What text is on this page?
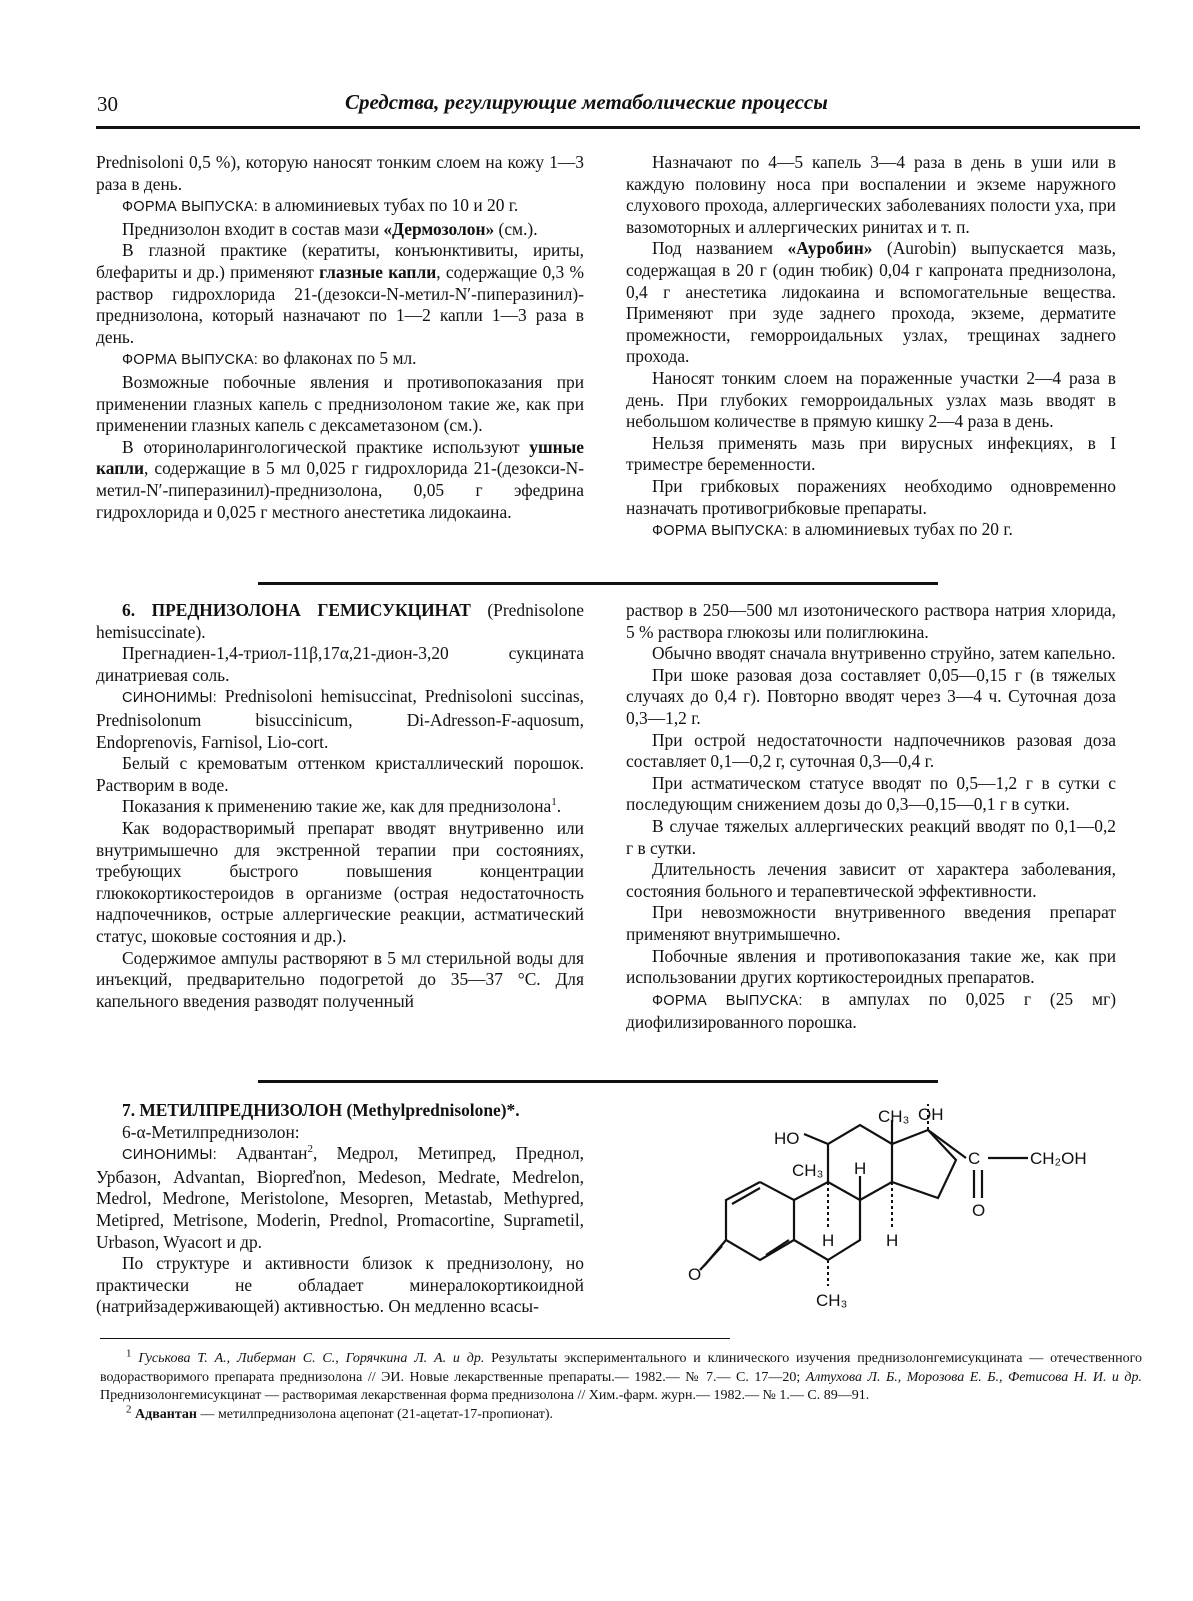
30	Средства, регулирующие метаболические процессы

Prednisoloni 0,5 %), которую наносят тонким слоем на кожу 1—3 раза в день.

ФОРМА ВЫПУСКА: в алюминиевых тубах по 10 и 20 г.

Преднизолон входит в состав мази «Дермозолон» (см.).

В глазной практике (кератиты, конъюнктивиты, ириты, блефариты и др.) применяют глазные капли, содержащие 0,3 % раствор гидрохлорида 21-(дезокси-N-метил-N′-пиперазинил)-преднизолона, который назначают по 1—2 капли 1—3 раза в день.

ФОРМА ВЫПУСКА: во флаконах по 5 мл.

Возможные побочные явления и противопоказания при применении глазных капель с преднизолоном такие же, как при применении глазных капель с дексаметазоном (см.).

В оториноларингологической практике используют ушные капли, содержащие в 5 мл 0,025 г гидрохлорида 21-(дезокси-N-метил-N′-пиперазинил)-преднизолона, 0,05 г эфедрина гидрохлорида и 0,025 г местного анестетика лидокаина.

Назначают по 4—5 капель 3—4 раза в день в уши или в каждую половину носа при воспалении и экземе наружного слухового прохода, аллергических заболеваниях полости уха, при вазомоторных и аллергических ринитах и т. п.

Под названием «Ауробин» (Aurobin) выпускается мазь, содержащая в 20 г (один тюбик) 0,04 г капроната преднизолона, 0,4 г анестетика лидокаина и вспомогательные вещества. Применяют при зуде заднего прохода, экземе, дерматите промежности, геморроидальных узлах, трещинах заднего прохода.

Наносят тонким слоем на пораженные участки 2—4 раза в день. При глубоких геморроидальных узлах мазь вводят в небольшом количестве в прямую кишку 2—4 раза в день.

Нельзя применять мазь при вирусных инфекциях, в I триместре беременности.

При грибковых поражениях необходимо одновременно назначать противогрибковые препараты.

ФОРМА ВЫПУСКА: в алюминиевых тубах по 20 г.

6. ПРЕДНИЗОЛОНА ГЕМИСУКЦИНАТ (Prednisolone hemisuccinate).

Прегнадиен-1,4-триол-11β,17α,21-дион-3,20 сукцината динатриевая соль.

СИНОНИМЫ: Prednisoloni hemisuccinat, Prednisoloni succinas, Prednisolonum bisuccinicum, Di-Adresson-F-aquosum, Endoprenovis, Farnisol, Lio-cort.

Белый с кремоватым оттенком кристаллический порошок. Растворим в воде.

Показания к применению такие же, как для преднизолона$^1$.

Как водорастворимый препарат вводят внутривенно или внутримышечно для экстренной терапии при состояниях, требующих быстрого повышения концентрации глюкокортикостероидов в организме (острая недостаточность надпочечников, острые аллергические реакции, астматический статус, шоковые состояния и др.).

Содержимое ампулы растворяют в 5 мл стерильной воды для инъекций, предварительно подогретой до 35—37 °С. Для капельного введения разводят полученный

раствор в 250—500 мл изотонического раствора натрия хлорида, 5 % раствора глюкозы или полиглюкина.

Обычно вводят сначала внутривенно струйно, затем капельно.

При шоке разовая доза составляет 0,05—0,15 г (в тяжелых случаях до 0,4 г). Повторно вводят через 3—4 ч. Суточная доза 0,3—1,2 г.

При острой недостаточности надпочечников разовая доза составляет 0,1—0,2 г, суточная 0,3—0,4 г.

При астматическом статусе вводят по 0,5—1,2 г в сутки с последующим снижением дозы до 0,3—0,15—0,1 г в сутки.

В случае тяжелых аллергических реакций вводят по 0,1—0,2 г в сутки.

Длительность лечения зависит от характера заболевания, состояния больного и терапевтической эффективности.

При невозможности внутривенного введения препарат применяют внутримышечно.

Побочные явления и противопоказания такие же, как при использовании других кортикостероидных препаратов.

ФОРМА ВЫПУСКА: в ампулах по 0,025 г (25 мг) диофилизированного порошка.

7. МЕТИЛПРЕДНИЗОЛОН (Methylprednisolone)*.

6-α-Метилпреднизолон:

СИНОНИМЫ: Адвантан$^2$, Медрол, Метипред, Преднол, Урбазон, Advantan, Biopreďnon, Medeson, Medrate, Medrelon, Medrol, Medrone, Meristolone, Mesopren, Metastab, Methypred, Metipred, Metrisone, Moderin, Prednol, Promacortine, Suprametil, Urbason, Wyacort и др.

По структуре и активности близок к преднизолону, но практически не обладает минералокортикоидной (натрийзадерживающей) активностью. Он медленно всасы-

CH₃ OH
HO
CH₃
C	CH₂OH
O
H
H	H
O
CH₃

$^1$ Гуськова Т. А., Либерман С. С., Горячкина Л. А. и др. Результаты экспериментального и клинического изучения преднизолонгемисукцината — отечественного водорастворимого препарата преднизолона // ЭИ. Новые лекарственные препараты.— 1982.— № 7.— С. 17—20; Алтухова Л. Б., Морозова Е. Б., Фетисова Н. И. и др. Преднизолонгемисукцинат — растворимая лекарственная форма преднизолона // Хим.-фарм. журн.— 1982.— № 1.— С. 89—91.

$^2$ Адвантан — метилпреднизолона ацепонат (21-ацетат-17-пропионат).
